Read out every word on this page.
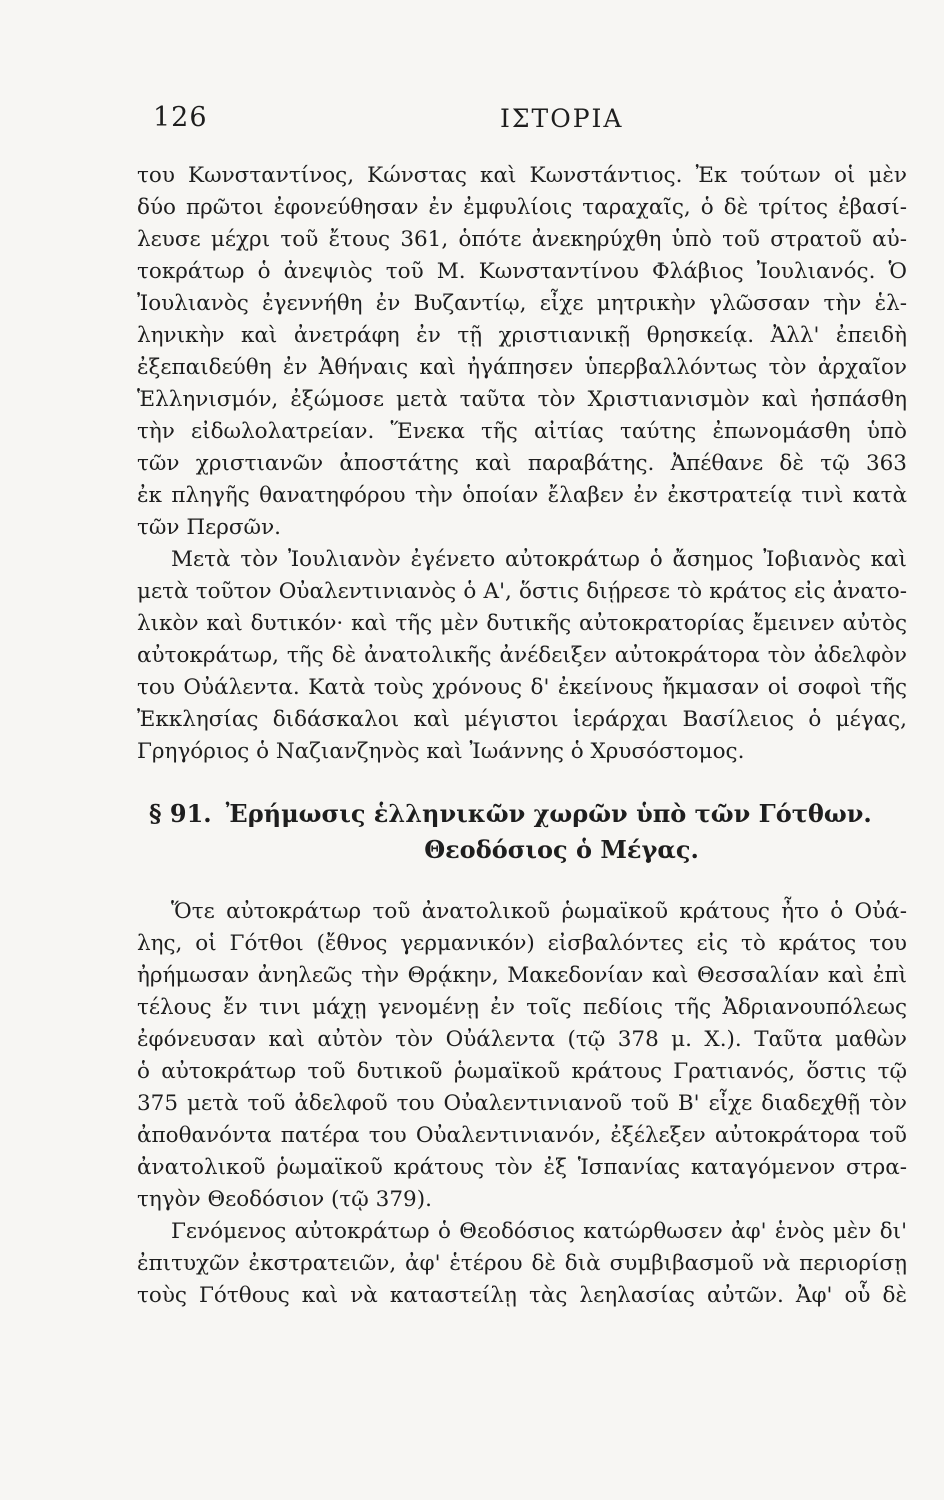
126	ΙΣΤΟΡΙΑ
του Κωνσταντίνος, Κώνστας καὶ Κωνστάντιος. Ἐκ τούτων οἱ μὲν
δύο πρῶτοι ἐφονεύθησαν ἐν ἐμφυλίοις ταραχαῖς, ὁ δὲ τρίτος ἐβασί-
λευσε μέχρι τοῦ ἔτους 361, ὁπότε ἀνεκηρύχθη ὑπὸ τοῦ στρατοῦ αὐ-
τοκράτωρ ὁ ἀνεψιὸς τοῦ Μ. Κωνσταντίνου Φλάβιος Ἰουλιανός. Ὁ
Ἰουλιανὸς ἐγεννήθη ἐν Βυζαντίῳ, εἶχε μητρικὴν γλῶσσαν τὴν ἑλ-
ληνικὴν καὶ ἀνετράφη ἐν τῇ χριστιανικῇ θρησκείᾳ. Ἀλλ' ἐπειδὴ
ἐξεπαιδεύθη ἐν Ἀθήναις καὶ ἠγάπησεν ὑπερβαλλόντως τὸν ἀρχαῖον
Ἑλληνισμόν, ἐξώμοσε μετὰ ταῦτα τὸν Χριστιανισμὸν καὶ ἠσπάσθη
τὴν εἰδωλολατρείαν. Ἕνεκα τῆς αἰτίας ταύτης ἐπωνομάσθη ὑπὸ
τῶν χριστιανῶν ἀποστάτης καὶ παραβάτης. Ἀπέθανε δὲ τῷ 363
ἐκ πληγῆς θανατηφόρου τὴν ὁποίαν ἔλαβεν ἐν ἐκστρατείᾳ τινὶ κατὰ
τῶν Περσῶν.
Μετὰ τὸν Ἰουλιανὸν ἐγένετο αὐτοκράτωρ ὁ ἄσημος Ἰοβιανὸς καὶ
μετὰ τοῦτον Οὐαλεντινιανὸς ὁ Α', ὅστις διῄρεσε τὸ κράτος εἰς ἀνατο-
λικὸν καὶ δυτικόν· καὶ τῆς μὲν δυτικῆς αὐτοκρατορίας ἔμεινεν αὐτὸς
αὐτοκράτωρ, τῆς δὲ ἀνατολικῆς ἀνέδειξεν αὐτοκράτορα τὸν ἀδελφὸν
του Οὐάλεντα. Κατὰ τοὺς χρόνους δ' ἐκείνους ἤκμασαν οἱ σοφοὶ τῆς
Ἐκκλησίας διδάσκαλοι καὶ μέγιστοι ἱεράρχαι Βασίλειος ὁ μέγας,
Γρηγόριος ὁ Ναζιανζηνὸς καὶ Ἰωάννης ὁ Χρυσόστομος.
§ 91. Ἐρήμωσις ἑλληνικῶν χωρῶν ὑπὸ τῶν Γότθων.
Θεοδόσιος ὁ Μέγας.
Ὅτε αὐτοκράτωρ τοῦ ἀνατολικοῦ ῥωμαϊκοῦ κράτους ἦτο ὁ Οὐά-
λης, οἱ Γότθοι (ἔθνος γερμανικόν) εἰσβαλόντες εἰς τὸ κράτος του
ἠρήμωσαν ἀνηλεῶς τὴν Θρᾴκην, Μακεδονίαν καὶ Θεσσαλίαν καὶ ἐπὶ
τέλους ἔν τινι μάχῃ γενομένῃ ἐν τοῖς πεδίοις τῆς Ἀδριανουπόλεως
ἐφόνευσαν καὶ αὐτὸν τὸν Οὐάλεντα (τῷ 378 μ. Χ.). Ταῦτα μαθὼν
ὁ αὐτοκράτωρ τοῦ δυτικοῦ ῥωμαϊκοῦ κράτους Γρατιανός, ὅστις τῷ
375 μετὰ τοῦ ἀδελφοῦ του Οὐαλεντινιανοῦ τοῦ Β' εἶχε διαδεχθῇ τὸν
ἀποθανόντα πατέρα του Οὐαλεντινιανόν, ἐξέλεξεν αὐτοκράτορα τοῦ
ἀνατολικοῦ ῥωμαϊκοῦ κράτους τὸν ἐξ Ἱσπανίας καταγόμενον στρα-
τηγὸν Θεοδόσιον (τῷ 379).
Γενόμενος αὐτοκράτωρ ὁ Θεοδόσιος κατώρθωσεν ἀφ' ἑνὸς μὲν δι'
ἐπιτυχῶν ἐκστρατειῶν, ἀφ' ἑτέρου δὲ διὰ συμβιβασμοῦ νὰ περιορίσῃ
τοὺς Γότθους καὶ νὰ καταστείλῃ τὰς λεηλασίας αὐτῶν. Ἀφ' οὗ δὲ
